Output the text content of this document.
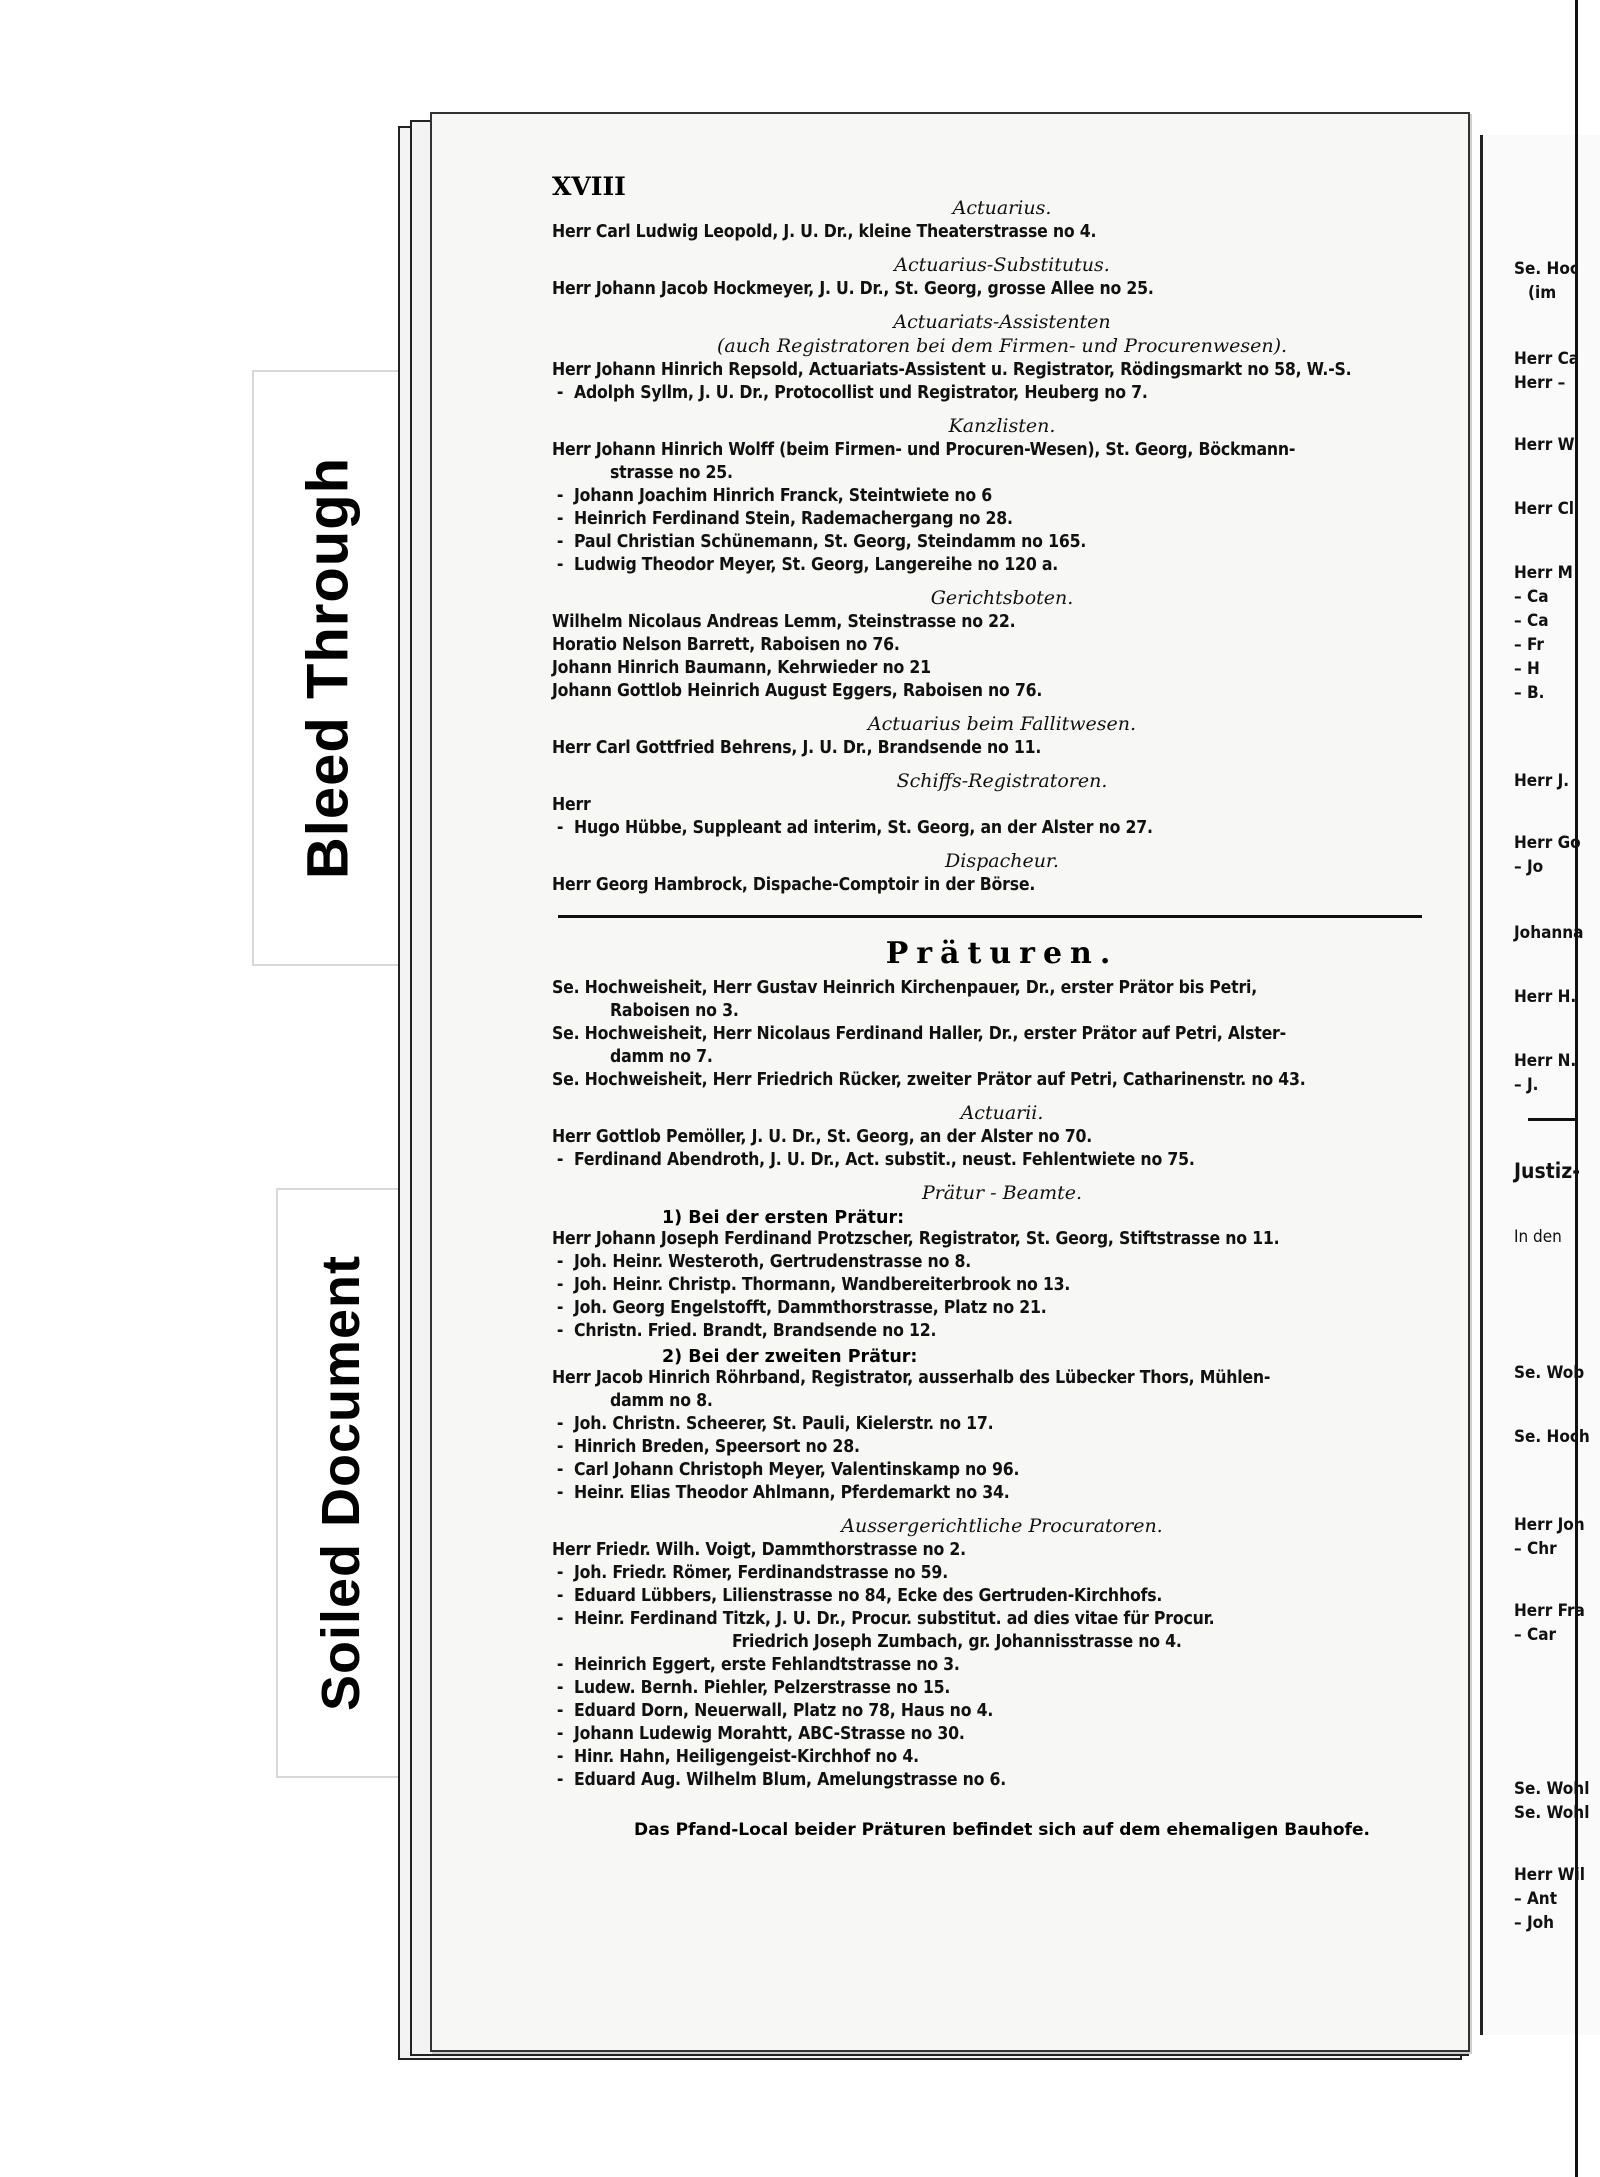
Bleed Through
Soiled Document
Se. Hoc
(im
Herr Ca
Herr –
Herr W
Herr Cl
Herr M
– Ca
– Ca
– Fr
– H
– B.
Herr J.
Herr Go
– Jo
Johanna
Herr H.
Herr N.
– J.
Justiz-
In den
Se. Wob
Se. Hoch
Herr Joh
– Chr
Herr Fra
– Car
Se. Wohl
Se. Wohl
Herr Wil
– Ant
– Joh
XVIII
Actuarius.
Herr Carl Ludwig Leopold, J. U. Dr., kleine Theaterstrasse no 4.
Actuarius-Substitutus.
Herr Johann Jacob Hockmeyer, J. U. Dr., St. Georg, grosse Allee no 25.
Actuariats-Assistenten
(auch Registratoren bei dem Firmen- und Procurenwesen).
Herr Johann Hinrich Repsold, Actuariats-Assistent u. Registrator, Rödingsmarkt no 58, W.-S.
- Adolph Syllm, J. U. Dr., Protocollist und Registrator, Heuberg no 7.
Kanzlisten.
Herr Johann Hinrich Wolff (beim Firmen- und Procuren-Wesen), St. Georg, Böckmann-
strasse no 25.
- Johann Joachim Hinrich Franck, Steintwiete no 6
- Heinrich Ferdinand Stein, Rademachergang no 28.
- Paul Christian Schünemann, St. Georg, Steindamm no 165.
- Ludwig Theodor Meyer, St. Georg, Langereihe no 120 a.
Gerichtsboten.
Wilhelm Nicolaus Andreas Lemm, Steinstrasse no 22.
Horatio Nelson Barrett, Raboisen no 76.
Johann Hinrich Baumann, Kehrwieder no 21
Johann Gottlob Heinrich August Eggers, Raboisen no 76.
Actuarius beim Fallitwesen.
Herr Carl Gottfried Behrens, J. U. Dr., Brandsende no 11.
Schiffs-Registratoren.
Herr
- Hugo Hübbe, Suppleant ad interim, St. Georg, an der Alster no 27.
Dispacheur.
Herr Georg Hambrock, Dispache-Comptoir in der Börse.
Präturen.
Se. Hochweisheit, Herr Gustav Heinrich Kirchenpauer, Dr., erster Prätor bis Petri,
Raboisen no 3.
Se. Hochweisheit, Herr Nicolaus Ferdinand Haller, Dr., erster Prätor auf Petri, Alster-
damm no 7.
Se. Hochweisheit, Herr Friedrich Rücker, zweiter Prätor auf Petri, Catharinenstr. no 43.
Actuarii.
Herr Gottlob Pemöller, J. U. Dr., St. Georg, an der Alster no 70.
- Ferdinand Abendroth, J. U. Dr., Act. substit., neust. Fehlentwiete no 75.
Prätur - Beamte.
1) Bei der ersten Prätur:
Herr Johann Joseph Ferdinand Protzscher, Registrator, St. Georg, Stiftstrasse no 11.
- Joh. Heinr. Westeroth, Gertrudenstrasse no 8.
- Joh. Heinr. Christp. Thormann, Wandbereiterbrook no 13.
- Joh. Georg Engelstofft, Dammthorstrasse, Platz no 21.
- Christn. Fried. Brandt, Brandsende no 12.
2) Bei der zweiten Prätur:
Herr Jacob Hinrich Röhrband, Registrator, ausserhalb des Lübecker Thors, Mühlen-
damm no 8.
- Joh. Christn. Scheerer, St. Pauli, Kielerstr. no 17.
- Hinrich Breden, Speersort no 28.
- Carl Johann Christoph Meyer, Valentinskamp no 96.
- Heinr. Elias Theodor Ahlmann, Pferdemarkt no 34.
Aussergerichtliche Procuratoren.
Herr Friedr. Wilh. Voigt, Dammthorstrasse no 2.
- Joh. Friedr. Römer, Ferdinandstrasse no 59.
- Eduard Lübbers, Lilienstrasse no 84, Ecke des Gertruden-Kirchhofs.
- Heinr. Ferdinand Titzk, J. U. Dr., Procur. substitut. ad dies vitae für Procur.
Friedrich Joseph Zumbach, gr. Johannisstrasse no 4.
- Heinrich Eggert, erste Fehlandtstrasse no 3.
- Ludew. Bernh. Piehler, Pelzerstrasse no 15.
- Eduard Dorn, Neuerwall, Platz no 78, Haus no 4.
- Johann Ludewig Morahtt, ABC-Strasse no 30.
- Hinr. Hahn, Heiligengeist-Kirchhof no 4.
- Eduard Aug. Wilhelm Blum, Amelungstrasse no 6.
Das Pfand-Local beider Präturen befindet sich auf dem ehemaligen Bauhofe.
